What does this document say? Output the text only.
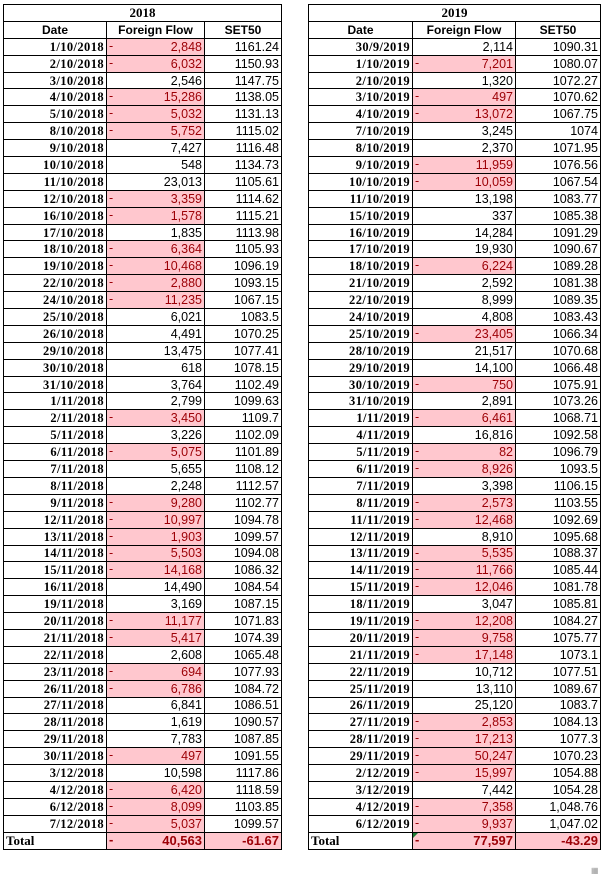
2018		
Date	Foreign Flow	SET50
1/10/2018	- 2,848	1161.24
2/10/2018	- 6,032	1150.93
3/10/2018	2,546	1147.75
4/10/2018	- 15,286	1138.05
5/10/2018	- 5,032	1131.13
8/10/2018	- 5,752	1115.02
9/10/2018	7,427	1116.48
10/10/2018	548	1134.73
11/10/2018	23,013	1105.61
12/10/2018	- 3,359	1114.62
16/10/2018	- 1,578	1115.21
17/10/2018	1,835	1113.98
18/10/2018	- 6,364	1105.93
19/10/2018	- 10,468	1096.19
22/10/2018	- 2,880	1093.15
24/10/2018	- 11,235	1067.15
25/10/2018	6,021	1083.5
26/10/2018	4,491	1070.25
29/10/2018	13,475	1077.41
30/10/2018	618	1078.15
31/10/2018	3,764	1102.49
1/11/2018	2,799	1099.63
2/11/2018	- 3,450	1109.7
5/11/2018	3,226	1102.09
6/11/2018	- 5,075	1101.89
7/11/2018	5,655	1108.12
8/11/2018	2,248	1112.57
9/11/2018	- 9,280	1102.77
12/11/2018	- 10,997	1094.78
13/11/2018	- 1,903	1099.57
14/11/2018	- 5,503	1094.08
15/11/2018	- 14,168	1086.32
16/11/2018	14,490	1084.54
19/11/2018	3,169	1087.15
20/11/2018	- 11,177	1071.83
21/11/2018	- 5,417	1074.39
22/11/2018	2,608	1065.48
23/11/2018	- 694	1077.93
26/11/2018	- 6,786	1084.72
27/11/2018	6,841	1086.51
28/11/2018	1,619	1090.57
29/11/2018	7,783	1087.85
30/11/2018	- 497	1091.55
3/12/2018	10,598	1117.86
4/12/2018	- 6,420	1118.59
6/12/2018	- 8,099	1103.85
7/12/2018	- 5,037	1099.57
Total	- 40,563	-61.67
2019		
Date	Foreign Flow	SET50
30/9/2019	2,114	1090.31
1/10/2019	- 7,201	1080.07
2/10/2019	1,320	1072.27
3/10/2019	- 497	1070.62
4/10/2019	- 13,072	1067.75
7/10/2019	3,245	1074
8/10/2019	2,370	1071.95
9/10/2019	- 11,959	1076.56
10/10/2019	- 10,059	1067.54
11/10/2019	13,198	1083.77
15/10/2019	337	1085.38
16/10/2019	14,284	1091.29
17/10/2019	19,930	1090.67
18/10/2019	- 6,224	1089.28
21/10/2019	2,592	1081.38
22/10/2019	8,999	1089.35
24/10/2019	4,808	1083.43
25/10/2019	- 23,405	1066.34
28/10/2019	21,517	1070.68
29/10/2019	14,100	1066.48
30/10/2019	- 750	1075.91
31/10/2019	2,891	1073.26
1/11/2019	- 6,461	1068.71
4/11/2019	16,816	1092.58
5/11/2019	- 82	1096.79
6/11/2019	- 8,926	1093.5
7/11/2019	3,398	1106.15
8/11/2019	- 2,573	1103.55
11/11/2019	- 12,468	1092.69
12/11/2019	8,910	1095.68
13/11/2019	- 5,535	1088.37
14/11/2019	- 11,766	1085.44
15/11/2019	- 12,046	1081.78
18/11/2019	3,047	1085.81
19/11/2019	- 12,208	1084.27
20/11/2019	- 9,758	1075.77
21/11/2019	- 17,148	1073.1
22/11/2019	10,712	1077.51
25/11/2019	13,110	1089.67
26/11/2019	25,120	1083.7
27/11/2019	- 2,853	1084.13
28/11/2019	- 17,213	1077.3
29/11/2019	- 50,247	1070.23
2/12/2019	- 15,997	1054.88
3/12/2019	7,442	1054.28
4/12/2019	- 7,358	1,048.76
6/12/2019	- 9,937	1,047.02
Total	- 77,597	-43.29
▦
